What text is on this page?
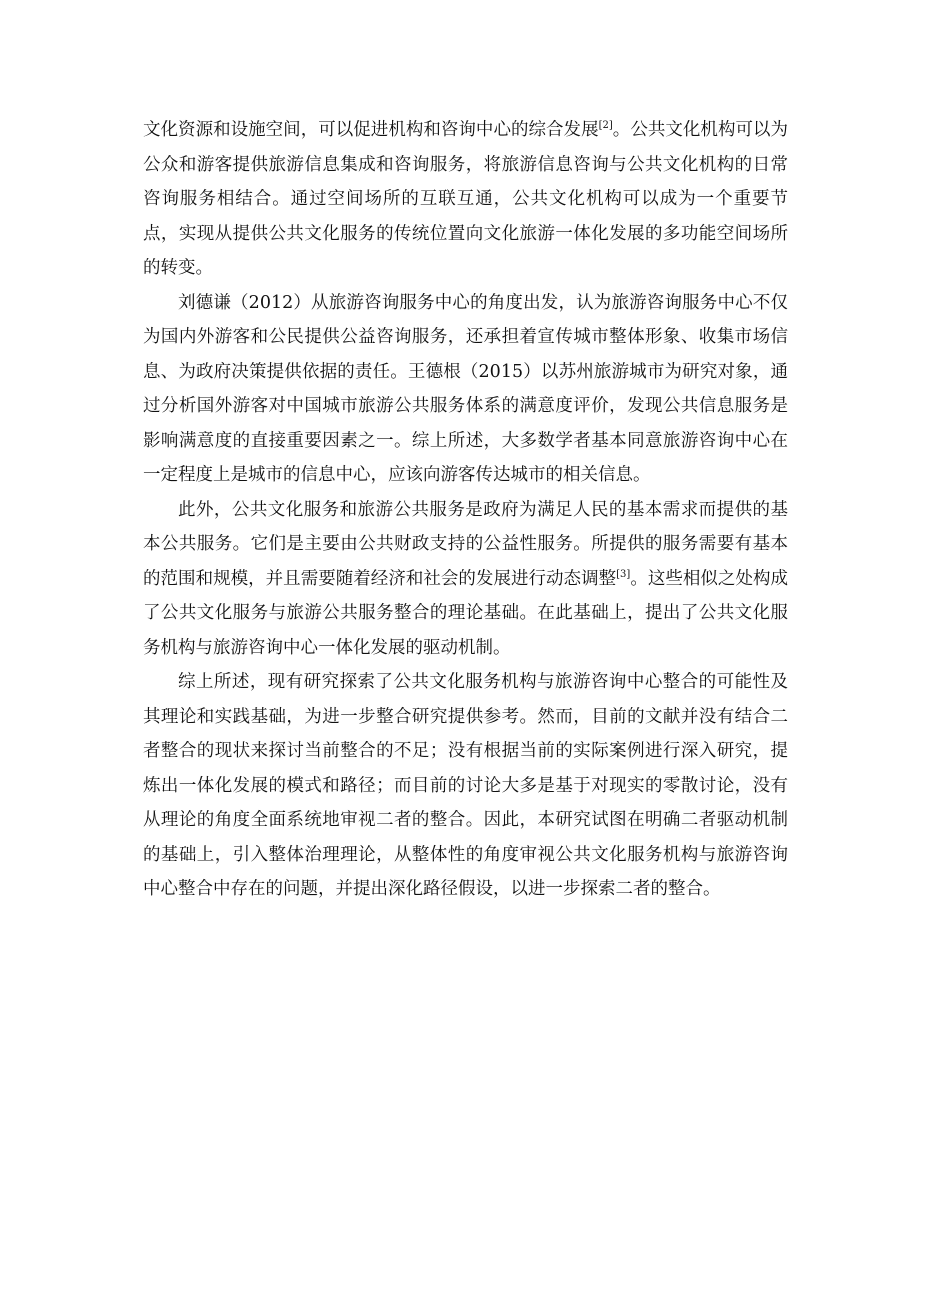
文化资源和设施空间，可以促进机构和咨询中心的综合发展[2]。公共文化机构可以为公众和游客提供旅游信息集成和咨询服务，将旅游信息咨询与公共文化机构的日常咨询服务相结合。通过空间场所的互联互通，公共文化机构可以成为一个重要节点，实现从提供公共文化服务的传统位置向文化旅游一体化发展的多功能空间场所的转变。

刘德谦（2012）从旅游咨询服务中心的角度出发，认为旅游咨询服务中心不仅为国内外游客和公民提供公益咨询服务，还承担着宣传城市整体形象、收集市场信息、为政府决策提供依据的责任。王德根（2015）以苏州旅游城市为研究对象，通过分析国外游客对中国城市旅游公共服务体系的满意度评价，发现公共信息服务是影响满意度的直接重要因素之一。综上所述，大多数学者基本同意旅游咨询中心在一定程度上是城市的信息中心，应该向游客传达城市的相关信息。

此外，公共文化服务和旅游公共服务是政府为满足人民的基本需求而提供的基本公共服务。它们是主要由公共财政支持的公益性服务。所提供的服务需要有基本的范围和规模，并且需要随着经济和社会的发展进行动态调整[3]。这些相似之处构成了公共文化服务与旅游公共服务整合的理论基础。在此基础上，提出了公共文化服务机构与旅游咨询中心一体化发展的驱动机制。

综上所述，现有研究探索了公共文化服务机构与旅游咨询中心整合的可能性及其理论和实践基础，为进一步整合研究提供参考。然而，目前的文献并没有结合二者整合的现状来探讨当前整合的不足；没有根据当前的实际案例进行深入研究，提炼出一体化发展的模式和路径；而目前的讨论大多是基于对现实的零散讨论，没有从理论的角度全面系统地审视二者的整合。因此，本研究试图在明确二者驱动机制的基础上，引入整体治理理论，从整体性的角度审视公共文化服务机构与旅游咨询中心整合中存在的问题，并提出深化路径假设，以进一步探索二者的整合。
